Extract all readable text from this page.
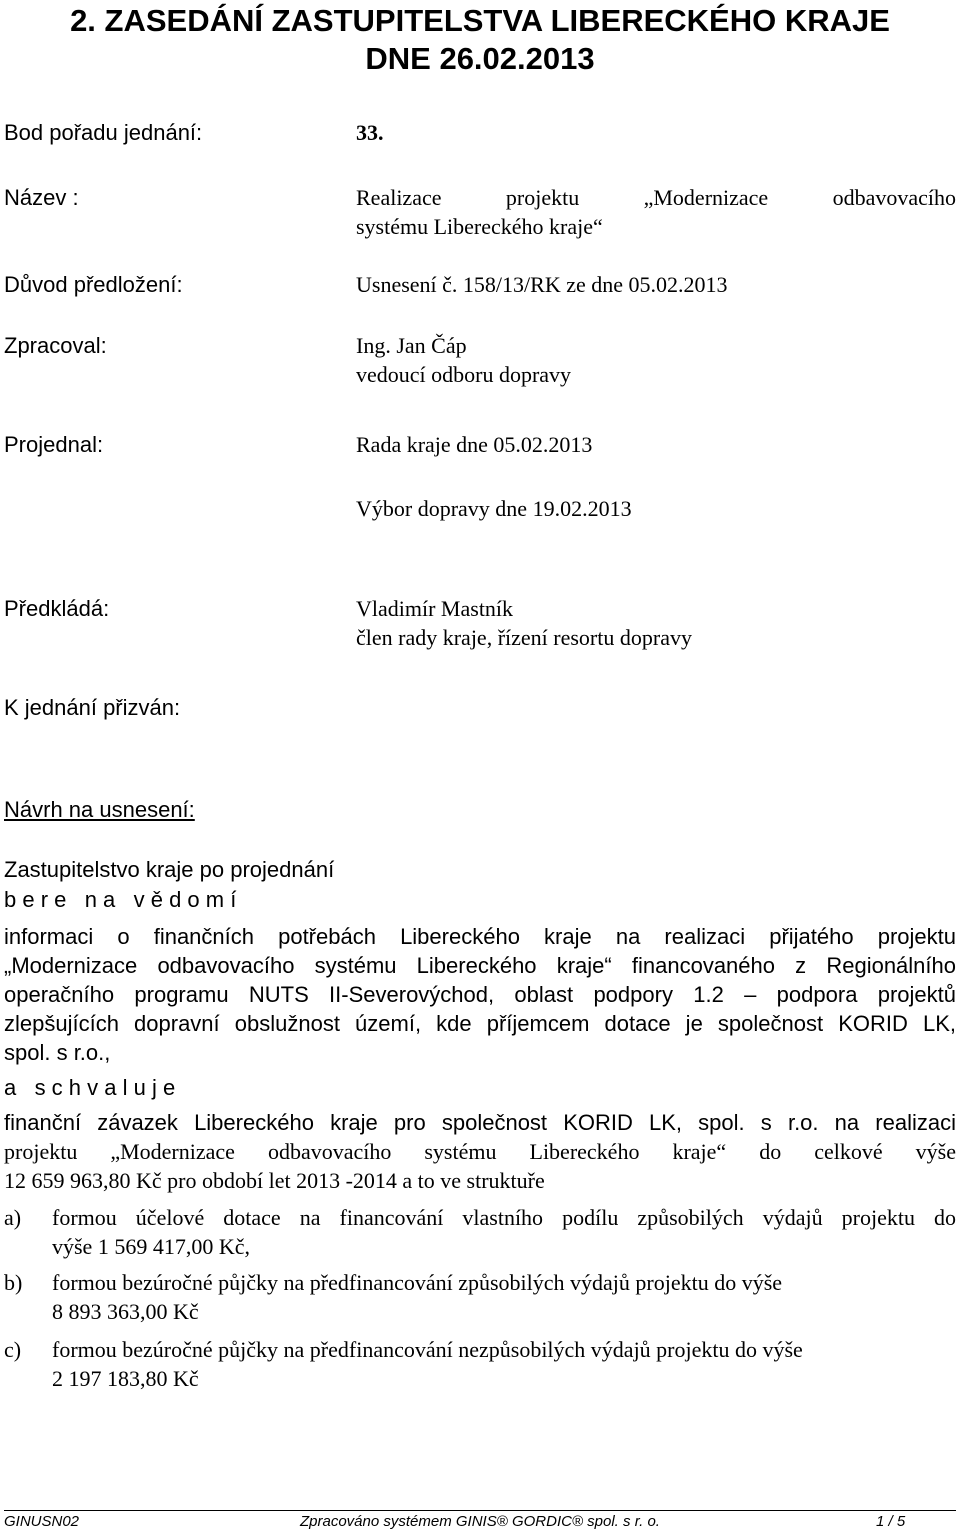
2. ZASEDÁNÍ ZASTUPITELSTVA LIBERECKÉHO KRAJE
DNE 26.02.2013
Bod pořadu jednání:	33.
Název :	Realizace projektu „Modernizace odbavovacího
systému Libereckého kraje“
Důvod předložení:	Usnesení č. 158/13/RK ze dne 05.02.2013
Zpracoval:	Ing. Jan Čáp
vedoucí odboru dopravy
Projednal:	Rada kraje dne 05.02.2013
Výbor dopravy dne 19.02.2013
Předkládá:	Vladimír Mastník
člen rady kraje, řízení resortu dopravy
K jednání přizván:
Návrh na usnesení:
Zastupitelstvo kraje po projednání
b e r e   n a   v ě d o m í
informaci o finančních potřebách Libereckého kraje na realizaci přijatého projektu
„Modernizace odbavovacího systému Libereckého kraje“ financovaného z Regionálního
operačního programu NUTS II-Severovýchod, oblast podpory 1.2 – podpora projektů
zlepšujících dopravní obslužnost území, kde příjemcem dotace je společnost KORID LK,
spol. s r.o.,
a   s c h v a l u j e
finanční závazek Libereckého kraje pro společnost KORID LK, spol. s r.o. na realizaci
projektu „Modernizace odbavovacího systému Libereckého kraje“ do celkové výše
12 659 963,80 Kč pro období let 2013 -2014 a to ve struktuře
a) formou účelové dotace na financování vlastního podílu způsobilých výdajů projektu do
výše 1 569 417,00 Kč,
b) formou bezúročné půjčky na předfinancování způsobilých výdajů projektu do výše
8 893 363,00 Kč
c) formou bezúročné půjčky na předfinancování nezpůsobilých výdajů projektu do výše
2 197 183,80 Kč
GINUSN02	Zpracováno systémem GINIS® GORDIC® spol. s r. o.	1 / 5
